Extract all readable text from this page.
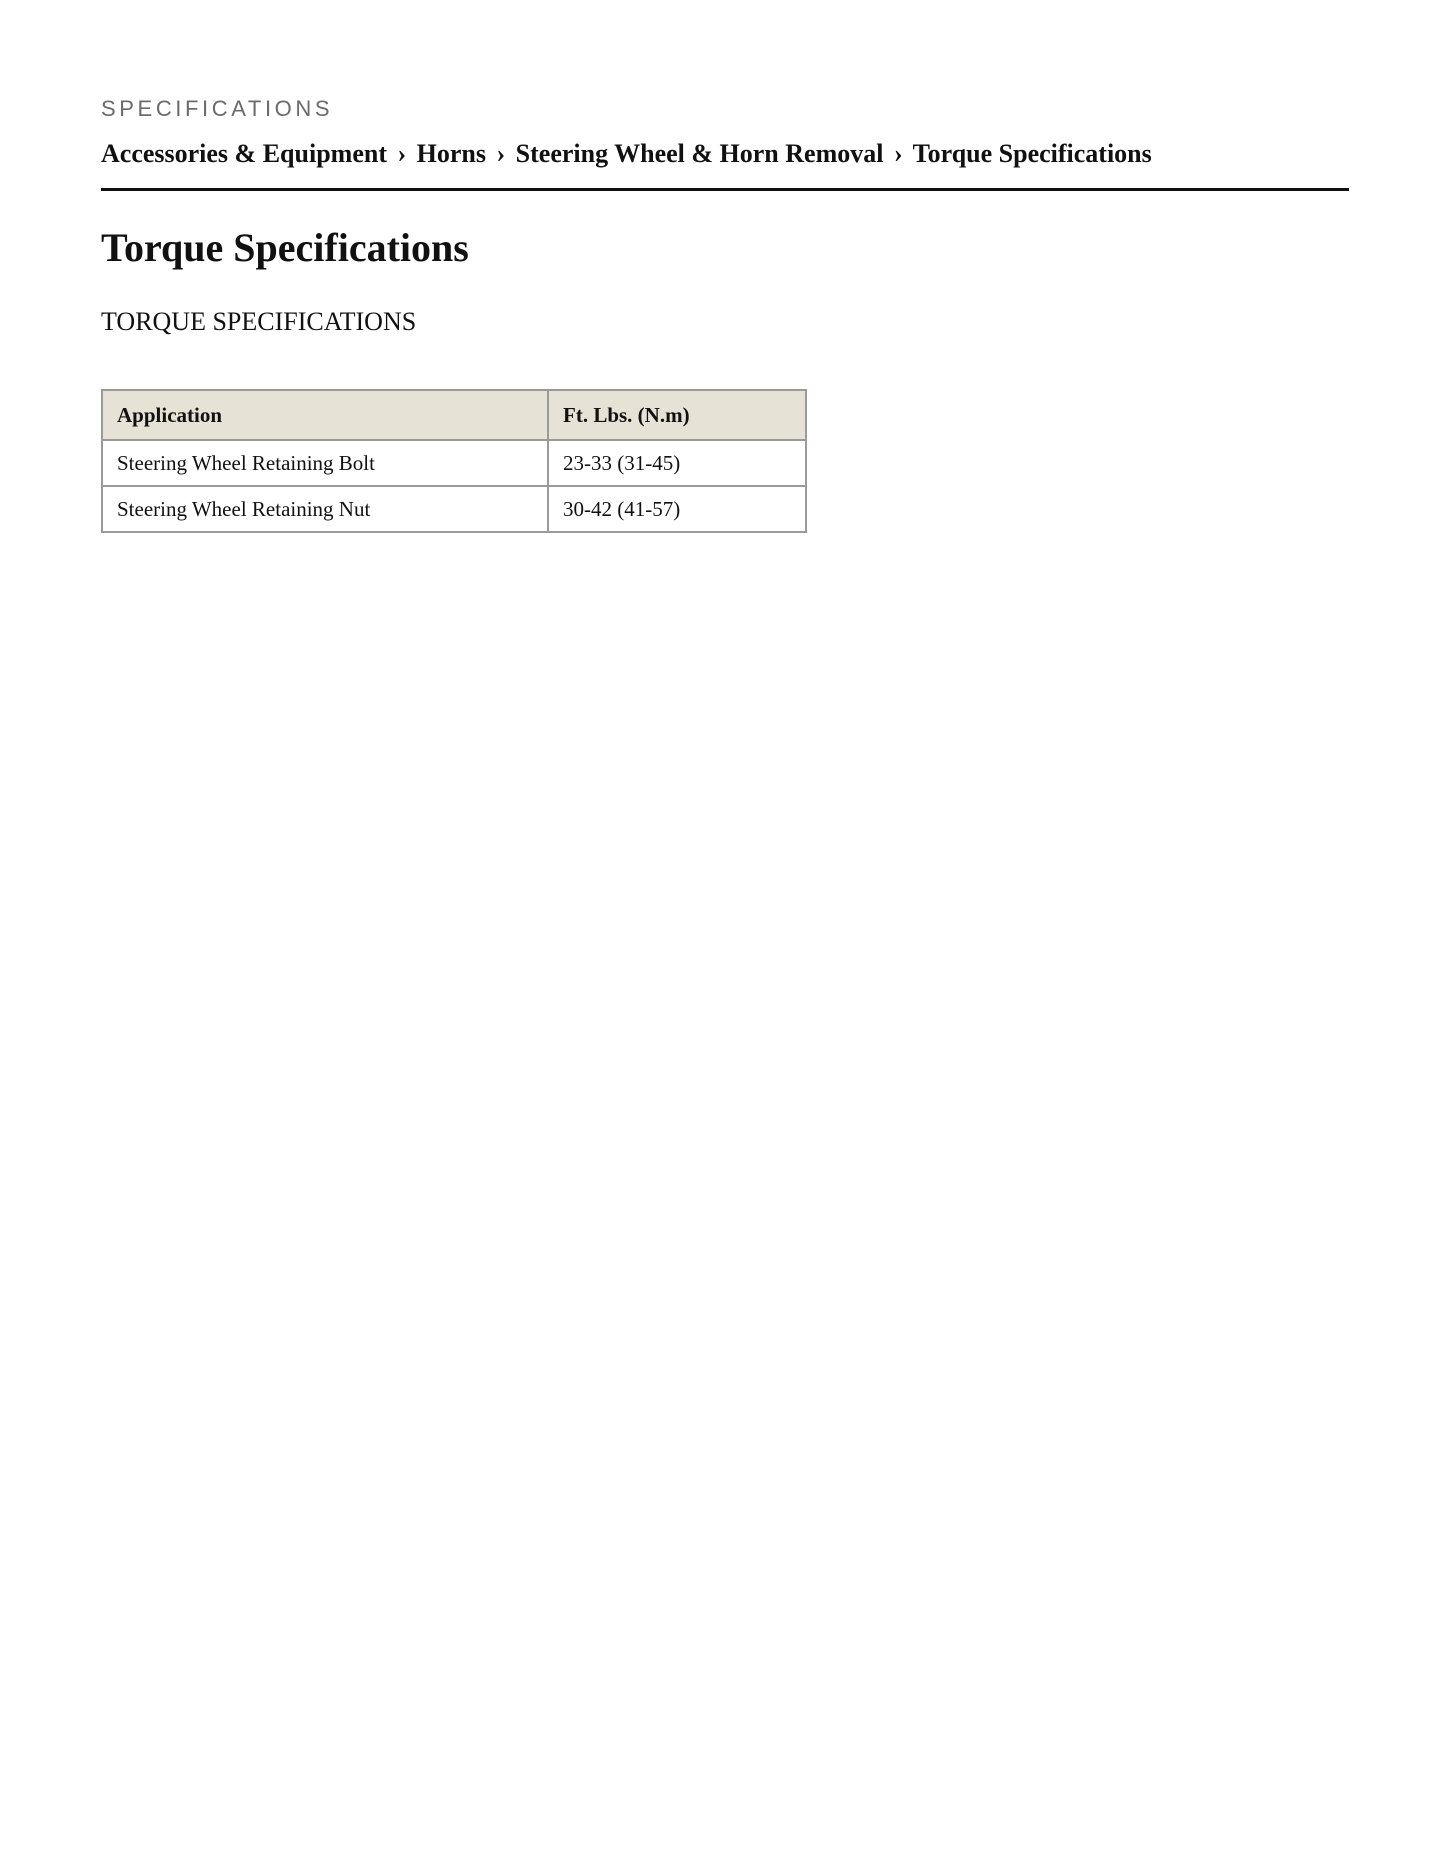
SPECIFICATIONS
Accessories & Equipment › Horns › Steering Wheel & Horn Removal › Torque Specifications
Torque Specifications
TORQUE SPECIFICATIONS
Application	Ft. Lbs. (N.m)
Steering Wheel Retaining Bolt	23-33 (31-45)
Steering Wheel Retaining Nut	30-42 (41-57)
